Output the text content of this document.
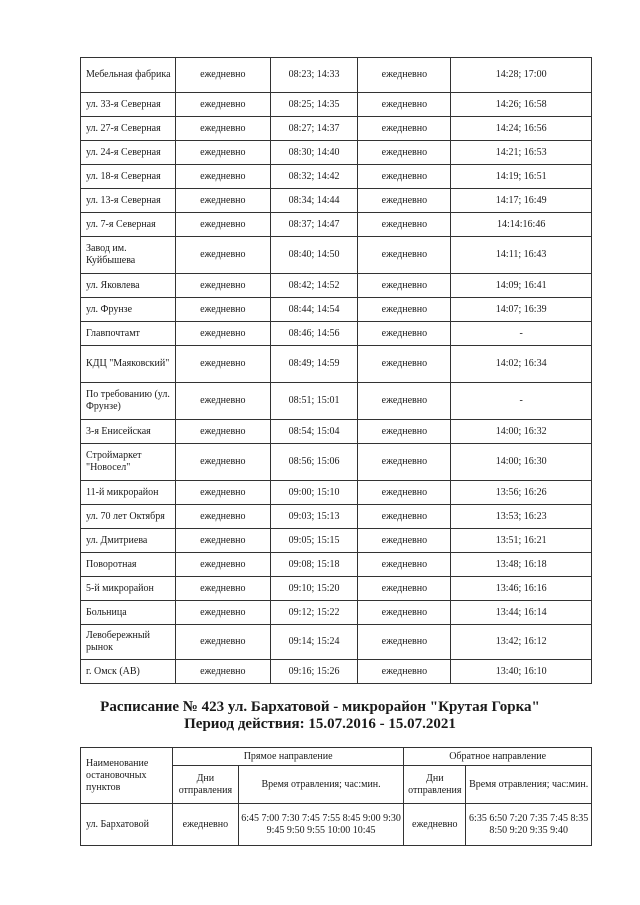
Мебельная фабрика	ежедневно	08:23; 14:33	ежедневно	14:28; 17:00
ул. 33-я Северная	ежедневно	08:25; 14:35	ежедневно	14:26; 16:58
ул. 27-я Северная	ежедневно	08:27; 14:37	ежедневно	14:24; 16:56
ул. 24-я Северная	ежедневно	08:30; 14:40	ежедневно	14:21; 16:53
ул. 18-я Северная	ежедневно	08:32; 14:42	ежедневно	14:19; 16:51
ул. 13-я Северная	ежедневно	08:34; 14:44	ежедневно	14:17; 16:49
ул. 7-я Северная	ежедневно	08:37; 14:47	ежедневно	14:14:16:46
Завод им. Куйбышева	ежедневно	08:40; 14:50	ежедневно	14:11; 16:43
ул. Яковлева	ежедневно	08:42; 14:52	ежедневно	14:09; 16:41
ул. Фрунзе	ежедневно	08:44; 14:54	ежедневно	14:07; 16:39
Главпочтамт	ежедневно	08:46; 14:56	ежедневно	-
КДЦ "Маяковский"	ежедневно	08:49; 14:59	ежедневно	14:02; 16:34
По требованию (ул. Фрунзе)	ежедневно	08:51; 15:01	ежедневно	-
3-я Енисейская	ежедневно	08:54; 15:04	ежедневно	14:00; 16:32
Строймаркет "Новосел"	ежедневно	08:56; 15:06	ежедневно	14:00; 16:30
11-й микрорайон	ежедневно	09:00; 15:10	ежедневно	13:56; 16:26
ул. 70 лет Октября	ежедневно	09:03; 15:13	ежедневно	13:53; 16:23
ул. Дмитриева	ежедневно	09:05; 15:15	ежедневно	13:51; 16:21
Поворотная	ежедневно	09:08; 15:18	ежедневно	13:48; 16:18
5-й микрорайон	ежедневно	09:10; 15:20	ежедневно	13:46; 16:16
Больница	ежедневно	09:12; 15:22	ежедневно	13:44; 16:14
Левобережный рынок	ежедневно	09:14; 15:24	ежедневно	13:42; 16:12
г. Омск (АВ)	ежедневно	09:16; 15:26	ежедневно	13:40; 16:10
Расписание № 423 ул. Бархатовой - микрорайон "Крутая Горка"
Период действия: 15.07.2016 - 15.07.2021
Наименование остановочных пунктов	Прямое направление		Обратное направление	
	Дни отправления	Время отравления; час:мин.	Дни отправления	Время отравления; час:мин.
ул. Бархатовой	ежедневно	6:45 7:00 7:30 7:45 7:55 8:45 9:00 9:30 9:45 9:50 9:55 10:00 10:45	ежедневно	6:35 6:50 7:20 7:35 7:45 8:35 8:50 9:20 9:35 9:40
